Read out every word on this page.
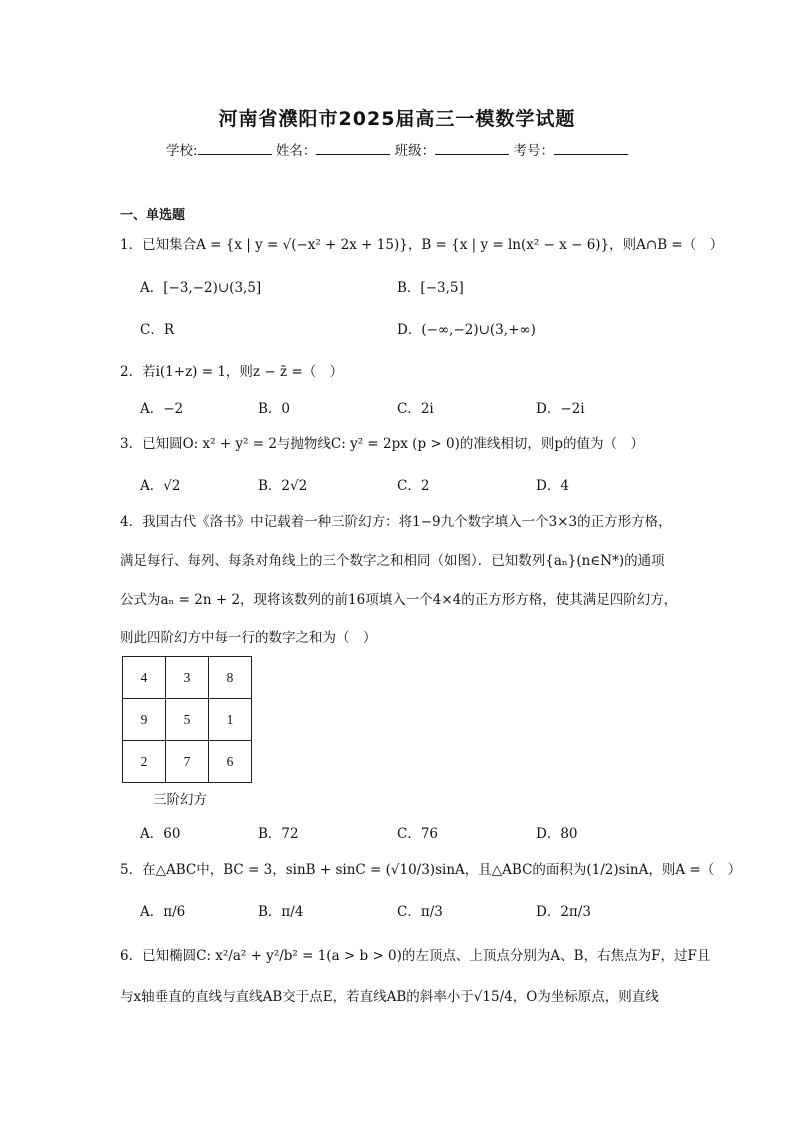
河南省濮阳市2025届高三一模数学试题
学校:	姓名：	班级：	考号：
一、单选题
1．已知集合A = {x | y = √(−x² + 2x + 15)}，B = {x | y = ln(x² − x − 6)}，则A∩B =（　）
A．[−3,−2)∪(3,5]	B．[−3,5]
C．R	D．(−∞,−2)∪(3,+∞)
2．若i(1+z) = 1，则z − z̄ =（　）
A．−2	B．0	C．2i	D．−2i
3．已知圆O: x² + y² = 2与抛物线C: y² = 2px (p > 0)的准线相切，则p的值为（　）
A．√2	B．2√2	C．2	D．4
4．我国古代《洛书》中记载着一种三阶幻方：将1−9九个数字填入一个3×3的正方形方格，
满足每行、每列、每条对角线上的三个数字之和相同（如图）．已知数列{aₙ}(n∈N*)的通项
公式为aₙ = 2n + 2，现将该数列的前16项填入一个4×4的正方形方格，使其满足四阶幻方，
则此四阶幻方中每一行的数字之和为（　）
4	3	8
9	5	1
2	7	6
三阶幻方
A．60	B．72	C．76	D．80
5．在△ABC中，BC = 3，sinB + sinC = (√10/3)sinA，且△ABC的面积为(1/2)sinA，则A =（　）
A．π/6	B．π/4	C．π/3	D．2π/3
6．已知椭圆C: x²/a² + y²/b² = 1(a > b > 0)的左顶点、上顶点分别为A、B，右焦点为F，过F且
与x轴垂直的直线与直线AB交于点E，若直线AB的斜率小于√15/4，O为坐标原点，则直线
